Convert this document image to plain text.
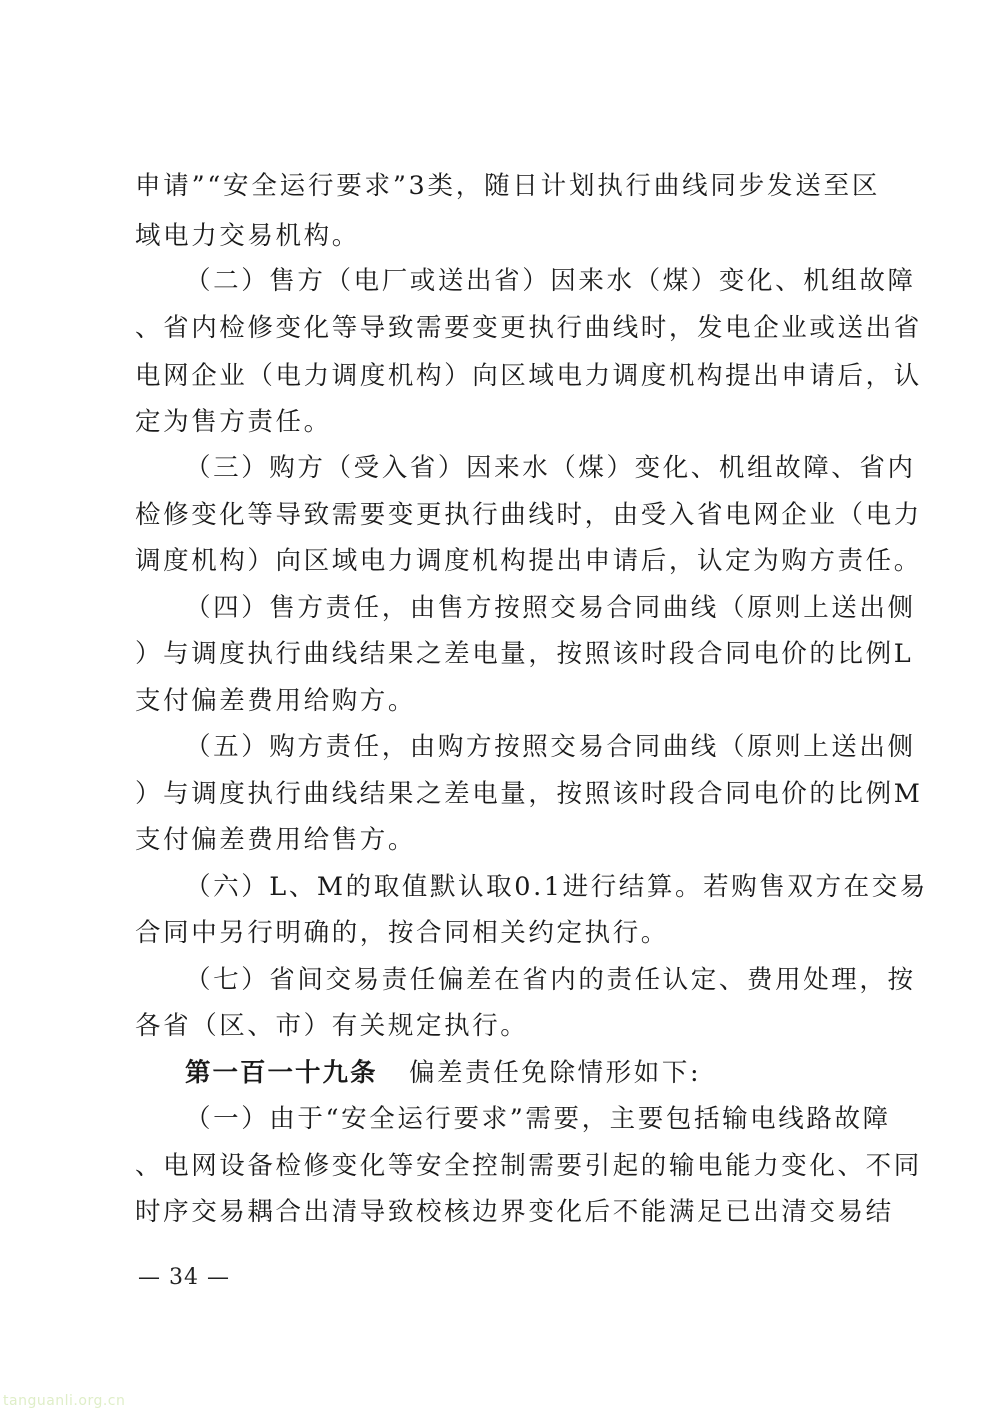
申请”“安全运行要求”3类，随日计划执行曲线同步发送至区
域电力交易机构。
（二）售方（电厂或送出省）因来水（煤）变化、机组故障
、省内检修变化等导致需要变更执行曲线时，发电企业或送出省
电网企业（电力调度机构）向区域电力调度机构提出申请后，认
定为售方责任。
（三）购方（受入省）因来水（煤）变化、机组故障、省内
检修变化等导致需要变更执行曲线时，由受入省电网企业（电力
调度机构）向区域电力调度机构提出申请后，认定为购方责任。
（四）售方责任，由售方按照交易合同曲线（原则上送出侧
）与调度执行曲线结果之差电量，按照该时段合同电价的比例L
支付偏差费用给购方。
（五）购方责任，由购方按照交易合同曲线（原则上送出侧
）与调度执行曲线结果之差电量，按照该时段合同电价的比例M
支付偏差费用给售方。
（六）L、M的取值默认取0.1进行结算。若购售双方在交易
合同中另行明确的，按合同相关约定执行。
（七）省间交易责任偏差在省内的责任认定、费用处理，按
各省（区、市）有关规定执行。
第一百一十九条 偏差责任免除情形如下:
（一）由于“安全运行要求”需要，主要包括输电线路故障
、电网设备检修变化等安全控制需要引起的输电能力变化、不同
时序交易耦合出清导致校核边界变化后不能满足已出清交易结
— 34 —
tanguanli.org.cn
